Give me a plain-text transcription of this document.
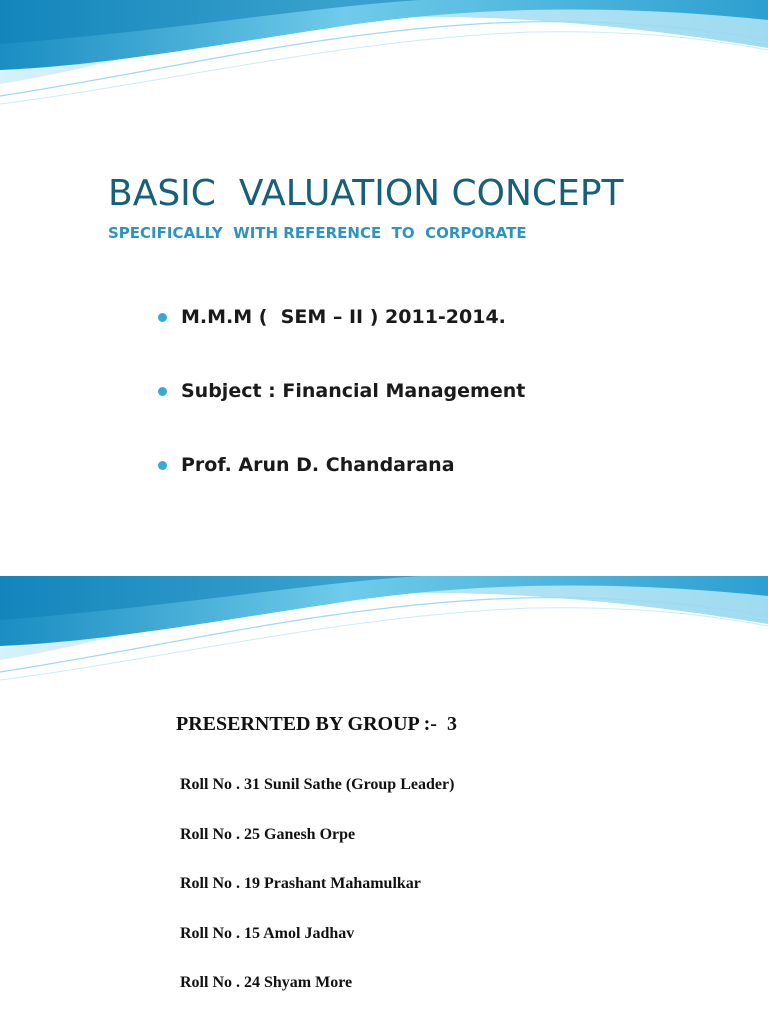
BASIC  VALUATION CONCEPT
SPECIFICALLY  WITH REFERENCE  TO  CORPORATE

M.M.M (  SEM – II ) 2011-2014.

Subject : Financial Management

Prof. Arun D. Chandarana

PRESERNTED BY GROUP :-  3
Roll No . 31 Sunil Sathe (Group Leader)
Roll No . 25 Ganesh Orpe
Roll No . 19 Prashant Mahamulkar
Roll No . 15 Amol Jadhav
Roll No . 24 Shyam More
